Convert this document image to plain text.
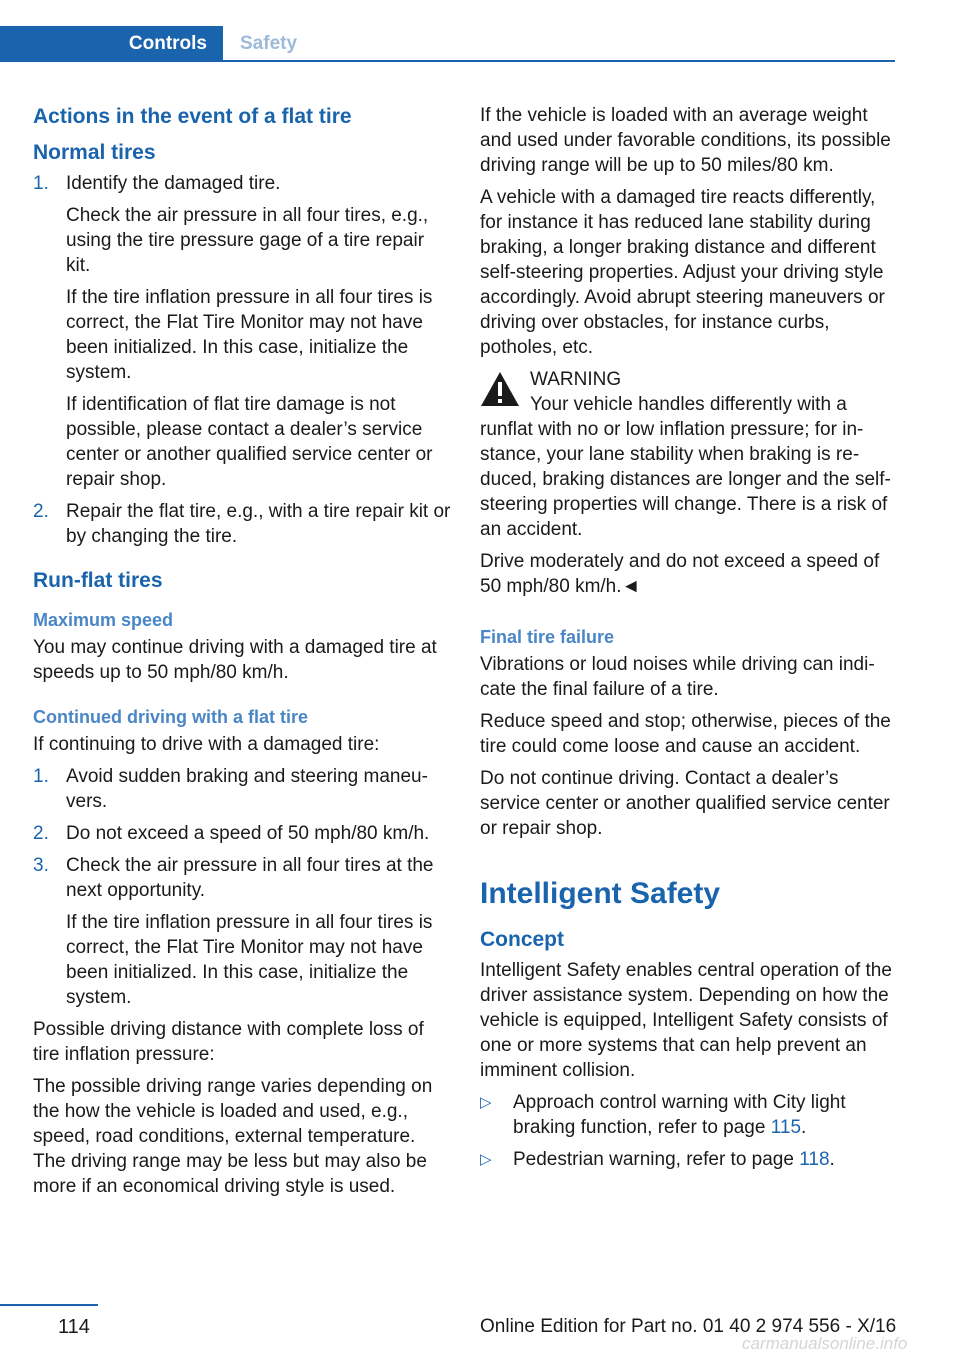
Controls Safety
Actions in the event of a flat tire
Normal tires
1. Identify the damaged tire.

Check the air pressure in all four tires, e.g., using the tire pressure gage of a tire repair kit.

If the tire inflation pressure in all four tires is correct, the Flat Tire Monitor may not have been initialized. In this case, initialize the system.

If identification of flat tire damage is not possible, please contact a dealer’s service center or another qualified service center or repair shop.

2. Repair the flat tire, e.g., with a tire repair kit or by changing the tire.

Run-flat tires
Maximum speed

You may continue driving with a damaged tire at speeds up to 50 mph/80 km/h.

Continued driving with a flat tire

If continuing to drive with a damaged tire:

1. Avoid sudden braking and steering maneuvers.

2. Do not exceed a speed of 50 mph/80 km/h.

3. Check the air pressure in all four tires at the next opportunity.

If the tire inflation pressure in all four tires is correct, the Flat Tire Monitor may not have been initialized. In this case, initialize the system.

Possible driving distance with complete loss of tire inflation pressure:

The possible driving range varies depending on the how the vehicle is loaded and used, e.g., speed, road conditions, external temperature. The driving range may be less but may also be more if an economical driving style is used.

If the vehicle is loaded with an average weight and used under favorable conditions, its possible driving range will be up to 50 miles/80 km.

A vehicle with a damaged tire reacts differently, for instance it has reduced lane stability during braking, a longer braking distance and different self-steering properties. Adjust your driving style accordingly. Avoid abrupt steering maneuvers or driving over obstacles, for instance curbs, potholes, etc.

WARNING

Your vehicle handles differently with a runflat with no or low inflation pressure; for instance, your lane stability when braking is reduced, braking distances are longer and the self-steering properties will change. There is a risk of an accident.

Drive moderately and do not exceed a speed of 50 mph/80 km/h.◄

Final tire failure

Vibrations or loud noises while driving can indicate the final failure of a tire.

Reduce speed and stop; otherwise, pieces of the tire could come loose and cause an accident.

Do not continue driving. Contact a dealer’s service center or another qualified service center or repair shop.

Intelligent Safety
Concept

Intelligent Safety enables central operation of the driver assistance system. Depending on how the vehicle is equipped, Intelligent Safety consists of one or more systems that can help prevent an imminent collision.

▷ Approach control warning with City light braking function, refer to page 115.
▷ Pedestrian warning, refer to page 118.
114	Online Edition for Part no. 01 40 2 974 556 - X/16
carmanualsonline.info
